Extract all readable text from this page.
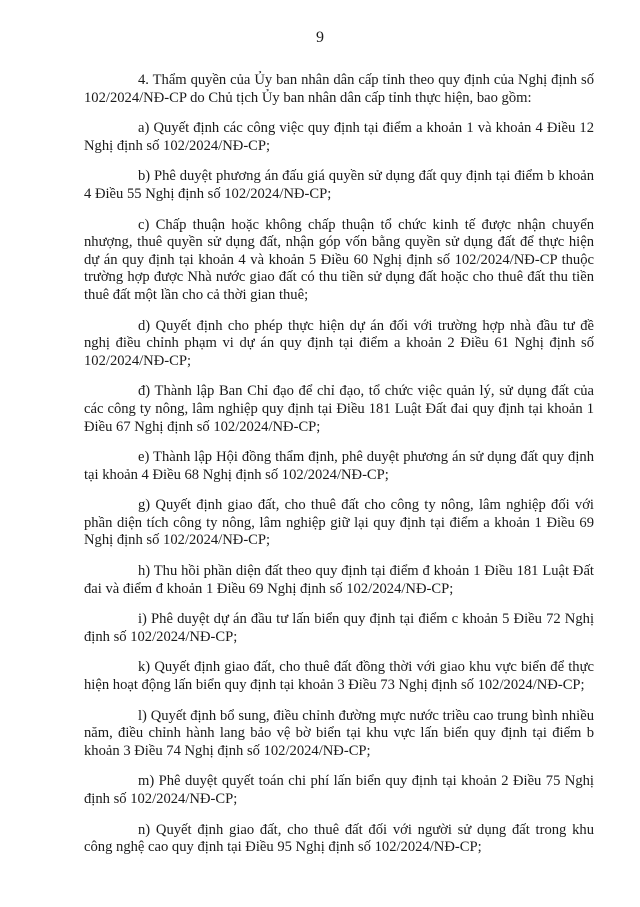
9

4. Thẩm quyền của Ủy ban nhân dân cấp tỉnh theo quy định của Nghị định số 102/2024/NĐ-CP do Chủ tịch Ủy ban nhân dân cấp tỉnh thực hiện, bao gồm:

a) Quyết định các công việc quy định tại điểm a khoản 1 và khoản 4 Điều 12 Nghị định số 102/2024/NĐ-CP;

b) Phê duyệt phương án đấu giá quyền sử dụng đất quy định tại điểm b khoản 4 Điều 55 Nghị định số 102/2024/NĐ-CP;

c) Chấp thuận hoặc không chấp thuận tổ chức kinh tế được nhận chuyển nhượng, thuê quyền sử dụng đất, nhận góp vốn bằng quyền sử dụng đất để thực hiện dự án quy định tại khoản 4 và khoản 5 Điều 60 Nghị định số 102/2024/NĐ-CP thuộc trường hợp được Nhà nước giao đất có thu tiền sử dụng đất hoặc cho thuê đất thu tiền thuê đất một lần cho cả thời gian thuê;

d) Quyết định cho phép thực hiện dự án đối với trường hợp nhà đầu tư đề nghị điều chỉnh phạm vi dự án quy định tại điểm a khoản 2 Điều 61 Nghị định số 102/2024/NĐ-CP;

đ) Thành lập Ban Chỉ đạo để chỉ đạo, tổ chức việc quản lý, sử dụng đất của các công ty nông, lâm nghiệp quy định tại Điều 181 Luật Đất đai quy định tại khoản 1 Điều 67 Nghị định số 102/2024/NĐ-CP;

e) Thành lập Hội đồng thẩm định, phê duyệt phương án sử dụng đất quy định tại khoản 4 Điều 68 Nghị định số 102/2024/NĐ-CP;

g) Quyết định giao đất, cho thuê đất cho công ty nông, lâm nghiệp đối với phần diện tích công ty nông, lâm nghiệp giữ lại quy định tại điểm a khoản 1 Điều 69 Nghị định số 102/2024/NĐ-CP;

h) Thu hồi phần diện đất theo quy định tại điểm đ khoản 1 Điều 181 Luật Đất đai và điểm đ khoản 1 Điều 69 Nghị định số 102/2024/NĐ-CP;

i) Phê duyệt dự án đầu tư lấn biển quy định tại điểm c khoản 5 Điều 72 Nghị định số 102/2024/NĐ-CP;

k) Quyết định giao đất, cho thuê đất đồng thời với giao khu vực biển để thực hiện hoạt động lấn biển quy định tại khoản 3 Điều 73 Nghị định số 102/2024/NĐ-CP;

l) Quyết định bổ sung, điều chỉnh đường mực nước triều cao trung bình nhiều năm, điều chỉnh hành lang bảo vệ bờ biển tại khu vực lấn biển quy định tại điểm b khoản 3 Điều 74 Nghị định số 102/2024/NĐ-CP;

m) Phê duyệt quyết toán chi phí lấn biển quy định tại khoản 2 Điều 75 Nghị định số 102/2024/NĐ-CP;

n) Quyết định giao đất, cho thuê đất đối với người sử dụng đất trong khu công nghệ cao quy định tại Điều 95 Nghị định số 102/2024/NĐ-CP;
